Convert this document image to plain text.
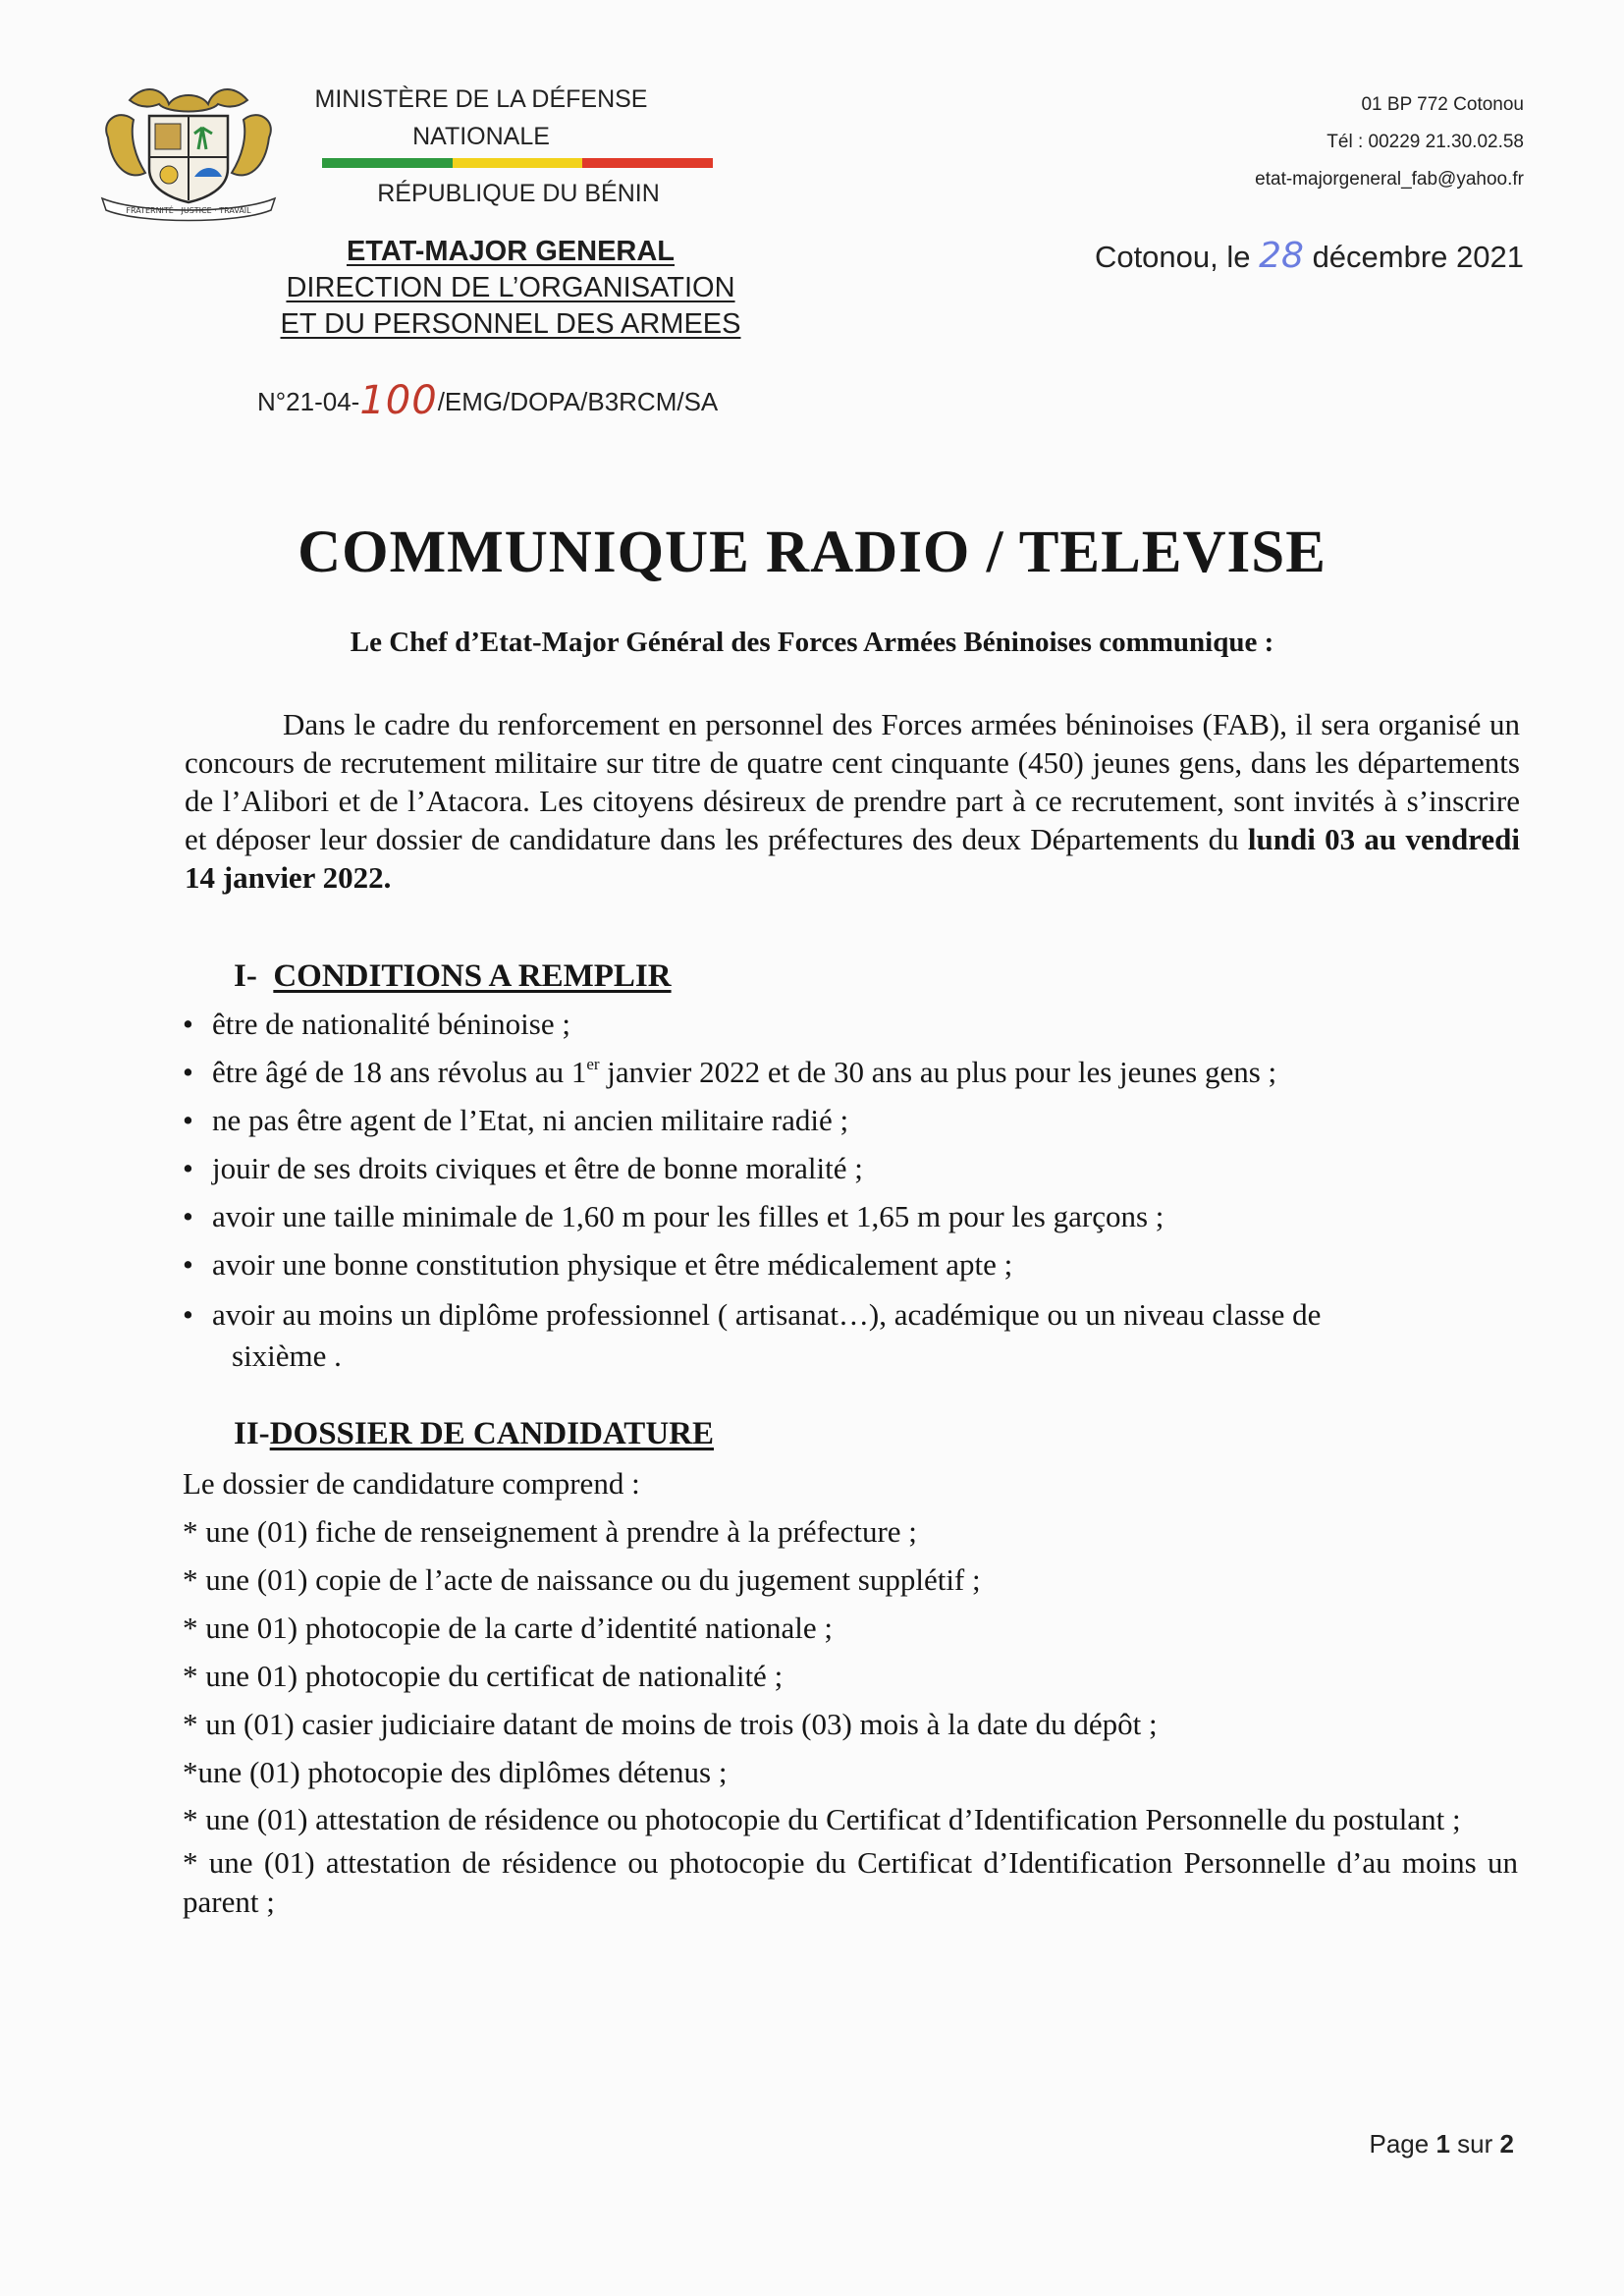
FRATERNITÉ · JUSTICE · TRAVAIL
MINISTÈRE DE LA DÉFENSE
NATIONALE
RÉPUBLIQUE DU BÉNIN
ETAT-MAJOR GENERAL
DIRECTION DE L’ORGANISATION
ET DU PERSONNEL DES ARMEES
N°21-04-100/EMG/DOPA/B3RCM/SA
01 BP 772 Cotonou
Tél : 00229 21.30.02.58
etat-majorgeneral_fab@yahoo.fr
Cotonou, le 28 décembre 2021
COMMUNIQUE RADIO / TELEVISE
Le Chef d’Etat-Major Général des Forces Armées Béninoises communique :

Dans le cadre du renforcement en personnel des Forces armées béninoises (FAB), il sera organisé un concours de recrutement militaire sur titre de quatre cent cinquante (450) jeunes gens, dans les départements de l’Alibori et de l’Atacora. Les citoyens désireux de prendre part à ce recrutement, sont invités à s’inscrire et déposer leur dossier de candidature dans les préfectures des deux Départements du lundi 03 au vendredi 14 janvier 2022.

I- CONDITIONS A REMPLIR
• être de nationalité béninoise ;
• être âgé de 18 ans révolus au 1er janvier 2022 et de 30 ans au plus pour les jeunes gens ;
• ne pas être agent de l’Etat, ni ancien militaire radié ;
• jouir de ses droits civiques et être de bonne moralité ;
• avoir une taille minimale de 1,60 m pour les filles et 1,65 m pour les garçons ;
• avoir une bonne constitution physique et être médicalement apte ;
• avoir au moins un diplôme professionnel ( artisanat…), académique ou un niveau classe de
sixième .
II-DOSSIER DE CANDIDATURE
Le dossier de candidature comprend :
* une (01) fiche de renseignement à prendre à la préfecture ;
* une (01) copie de l’acte de naissance ou du jugement supplétif ;
* une 01) photocopie de la carte d’identité nationale ;
* une 01) photocopie du certificat de nationalité ;
* un (01) casier judiciaire datant de moins de trois (03) mois à la date du dépôt ;
*une (01) photocopie des diplômes détenus ;
* une (01) attestation de résidence ou photocopie du Certificat d’Identification Personnelle du postulant ;
* une (01) attestation de résidence ou photocopie du Certificat d’Identification Personnelle d’au moins un parent ;
Page 1 sur 2
